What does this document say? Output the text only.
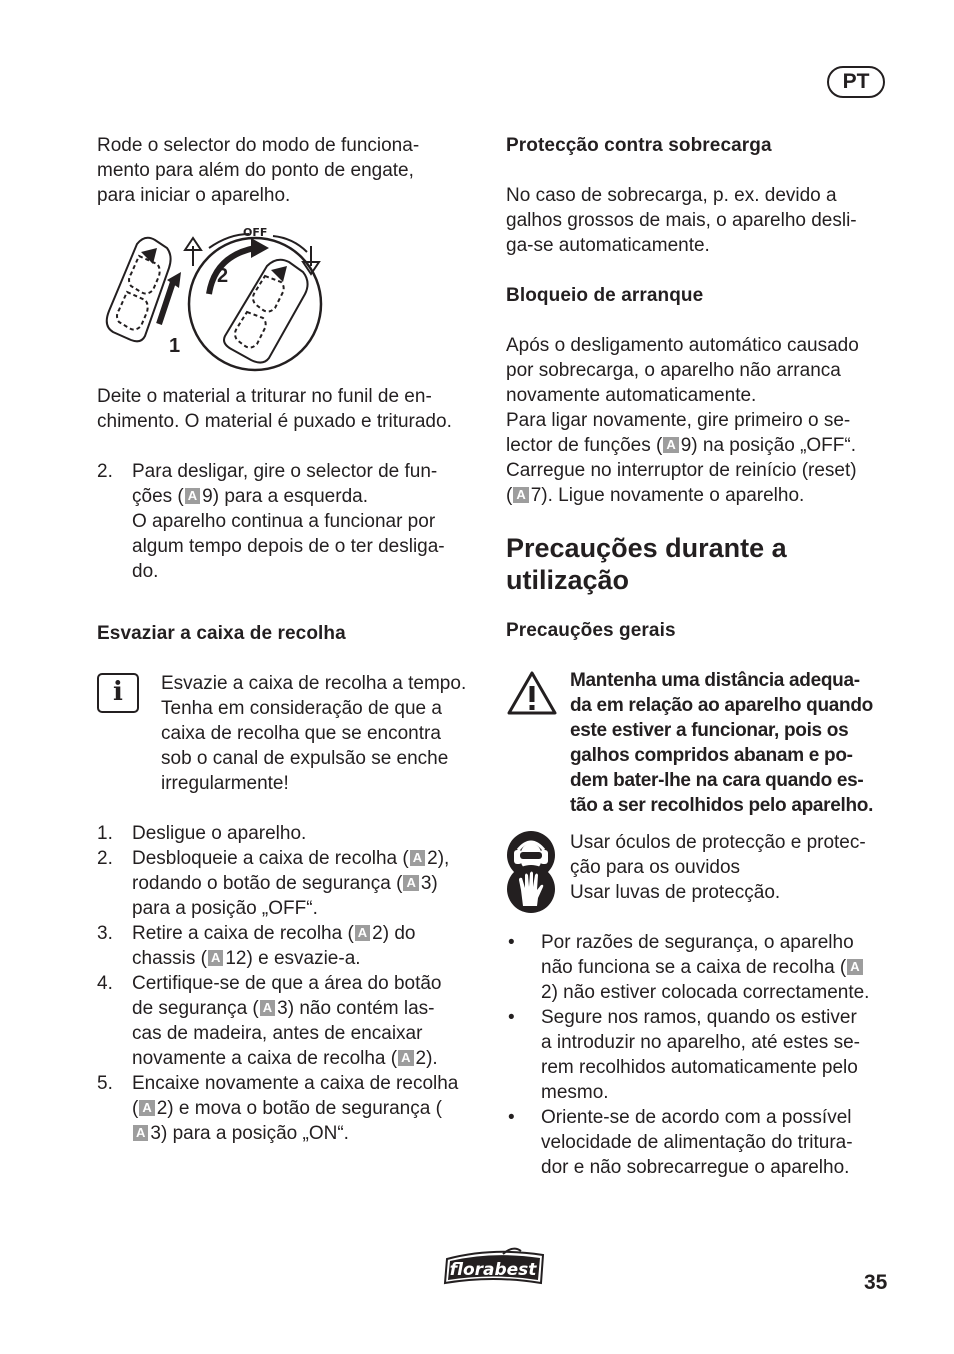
PT

Rode o selector do modo de funciona-
mento para além do ponto de engate,
para iniciar o aparelho.

1
2
OFF

Deite o material a triturar no funil de en-
chimento. O material é puxado e triturado.

2. Para desligar, gire o selector de fun-
ções ( A 9) para a esquerda.
O aparelho continua a funcionar por
algum tempo depois de o ter desliga-
do.

Esvaziar a caixa de recolha

i	Esvazie a caixa de recolha a tempo.
Tenha em consideração de que a
caixa de recolha que se encontra
sob o canal de expulsão se enche
irregularmente!

1. Desligue o aparelho.
2. Desbloqueie a caixa de recolha ( A 2),
rodando o botão de segurança ( A 3)
para a posição „OFF“.
3. Retire a caixa de recolha ( A 2) do
chassis ( A 12) e esvazie-a.
4. Certifique-se de que a área do botão
de segurança ( A 3) não contém las-
cas de madeira, antes de encaixar
novamente a caixa de recolha ( A 2).
5. Encaixe novamente a caixa de recolha
( A 2) e mova o botão de segurança (
A 3) para a posição „ON“.

Protecção contra sobrecarga

No caso de sobrecarga, p. ex. devido a
galhos grossos de mais, o aparelho desli-
ga-se automaticamente.

Bloqueio de arranque

Após o desligamento automático causado
por sobrecarga, o aparelho não arranca
novamente automaticamente.

Para ligar novamente, gire primeiro o se-
lector de funções ( A 9) na posição „OFF“.
Carregue no interruptor de reinício (reset)
( A 7). Ligue novamente o aparelho.

Precauções durante a
utilização

Precauções gerais

Mantenha uma distância adequa-
da em relação ao aparelho quando
este estiver a funcionar, pois os
galhos compridos abanam e po-
dem bater-lhe na cara quando es-
tão a ser recolhidos pelo aparelho.

Usar óculos de protecção e protec-
ção para os ouvidos

Usar luvas de protecção.

• Por razões de segurança, o aparelho
não funciona se a caixa de recolha ( A
2) não estiver colocada correctamente.
• Segure nos ramos, quando os estiver
a introduzir no aparelho, até estes se-
rem recolhidos automaticamente pelo
mesmo.
• Oriente-se de acordo com a possível
velocidade de alimentação do tritura-
dor e não sobrecarregue o aparelho.
florabest
35
